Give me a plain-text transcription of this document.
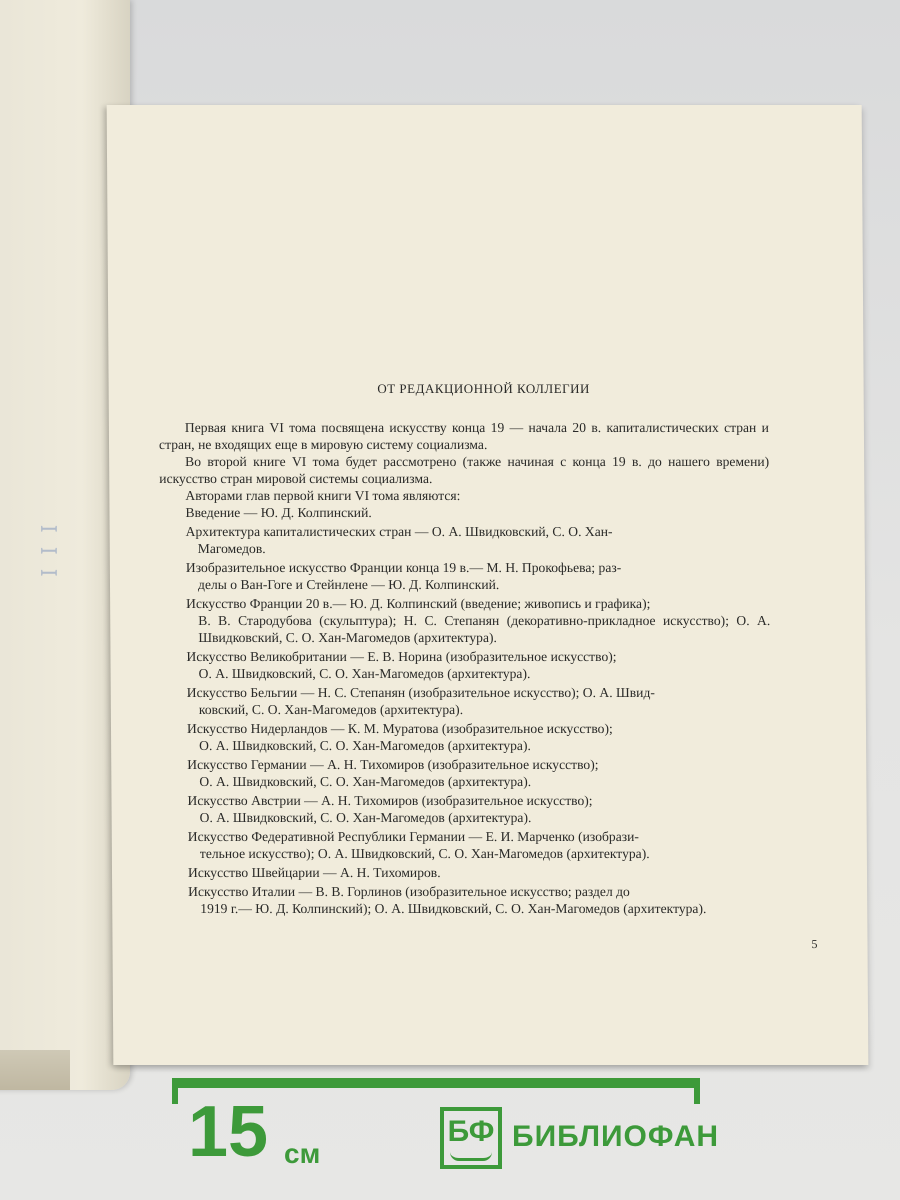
ꟷ
ꟷ
ꟷ
ОТ РЕДАКЦИОННОЙ КОЛЛЕГИИ

Первая книга VI тома посвящена искусству конца 19 — начала 20 в. капиталистических стран и стран, не входящих еще в мировую систему социализма.

Во второй книге VI тома будет рассмотрено (также начиная с конца 19 в. до нашего времени) искусство стран мировой системы социализма.

Авторами глав первой книги VI тома являются:

Введение — Ю. Д. Колпинский.
Архитектура капиталистических стран — О. А. Швидковский, С. О. Хан-
Магомедов.
Изобразительное искусство Франции конца 19 в.— М. Н. Прокофьева; раз-
делы о Ван-Гоге и Стейнлене — Ю. Д. Колпинский.
Искусство Франции 20 в.— Ю. Д. Колпинский (введение; живопись и графика);
В. В. Стародубова (скульптура); Н. С. Степанян (декоративно-прикладное искусство); О. А. Швидковский, С. О. Хан-Магомедов (архитектура).
Искусство Великобритании — Е. В. Норина (изобразительное искусство);
О. А. Швидковский, С. О. Хан-Магомедов (архитектура).
Искусство Бельгии — Н. С. Степанян (изобразительное искусство); О. А. Швид-
ковский, С. О. Хан-Магомедов (архитектура).
Искусство Нидерландов — К. М. Муратова (изобразительное искусство);
О. А. Швидковский, С. О. Хан-Магомедов (архитектура).
Искусство Германии — А. Н. Тихомиров (изобразительное искусство);
О. А. Швидковский, С. О. Хан-Магомедов (архитектура).
Искусство Австрии — А. Н. Тихомиров (изобразительное искусство);
О. А. Швидковский, С. О. Хан-Магомедов (архитектура).
Искусство Федеративной Республики Германии — Е. И. Марченко (изобрази-
тельное искусство); О. А. Швидковский, С. О. Хан-Магомедов (архитектура).
Искусство Швейцарии — А. Н. Тихомиров.
Искусство Италии — В. В. Горлинов (изобразительное искусство; раздел до
1919 г.— Ю. Д. Колпинский); О. А. Швидковский, С. О. Хан-Магомедов (архитектура).
5
15 см
БФ БИБЛИОФАН
